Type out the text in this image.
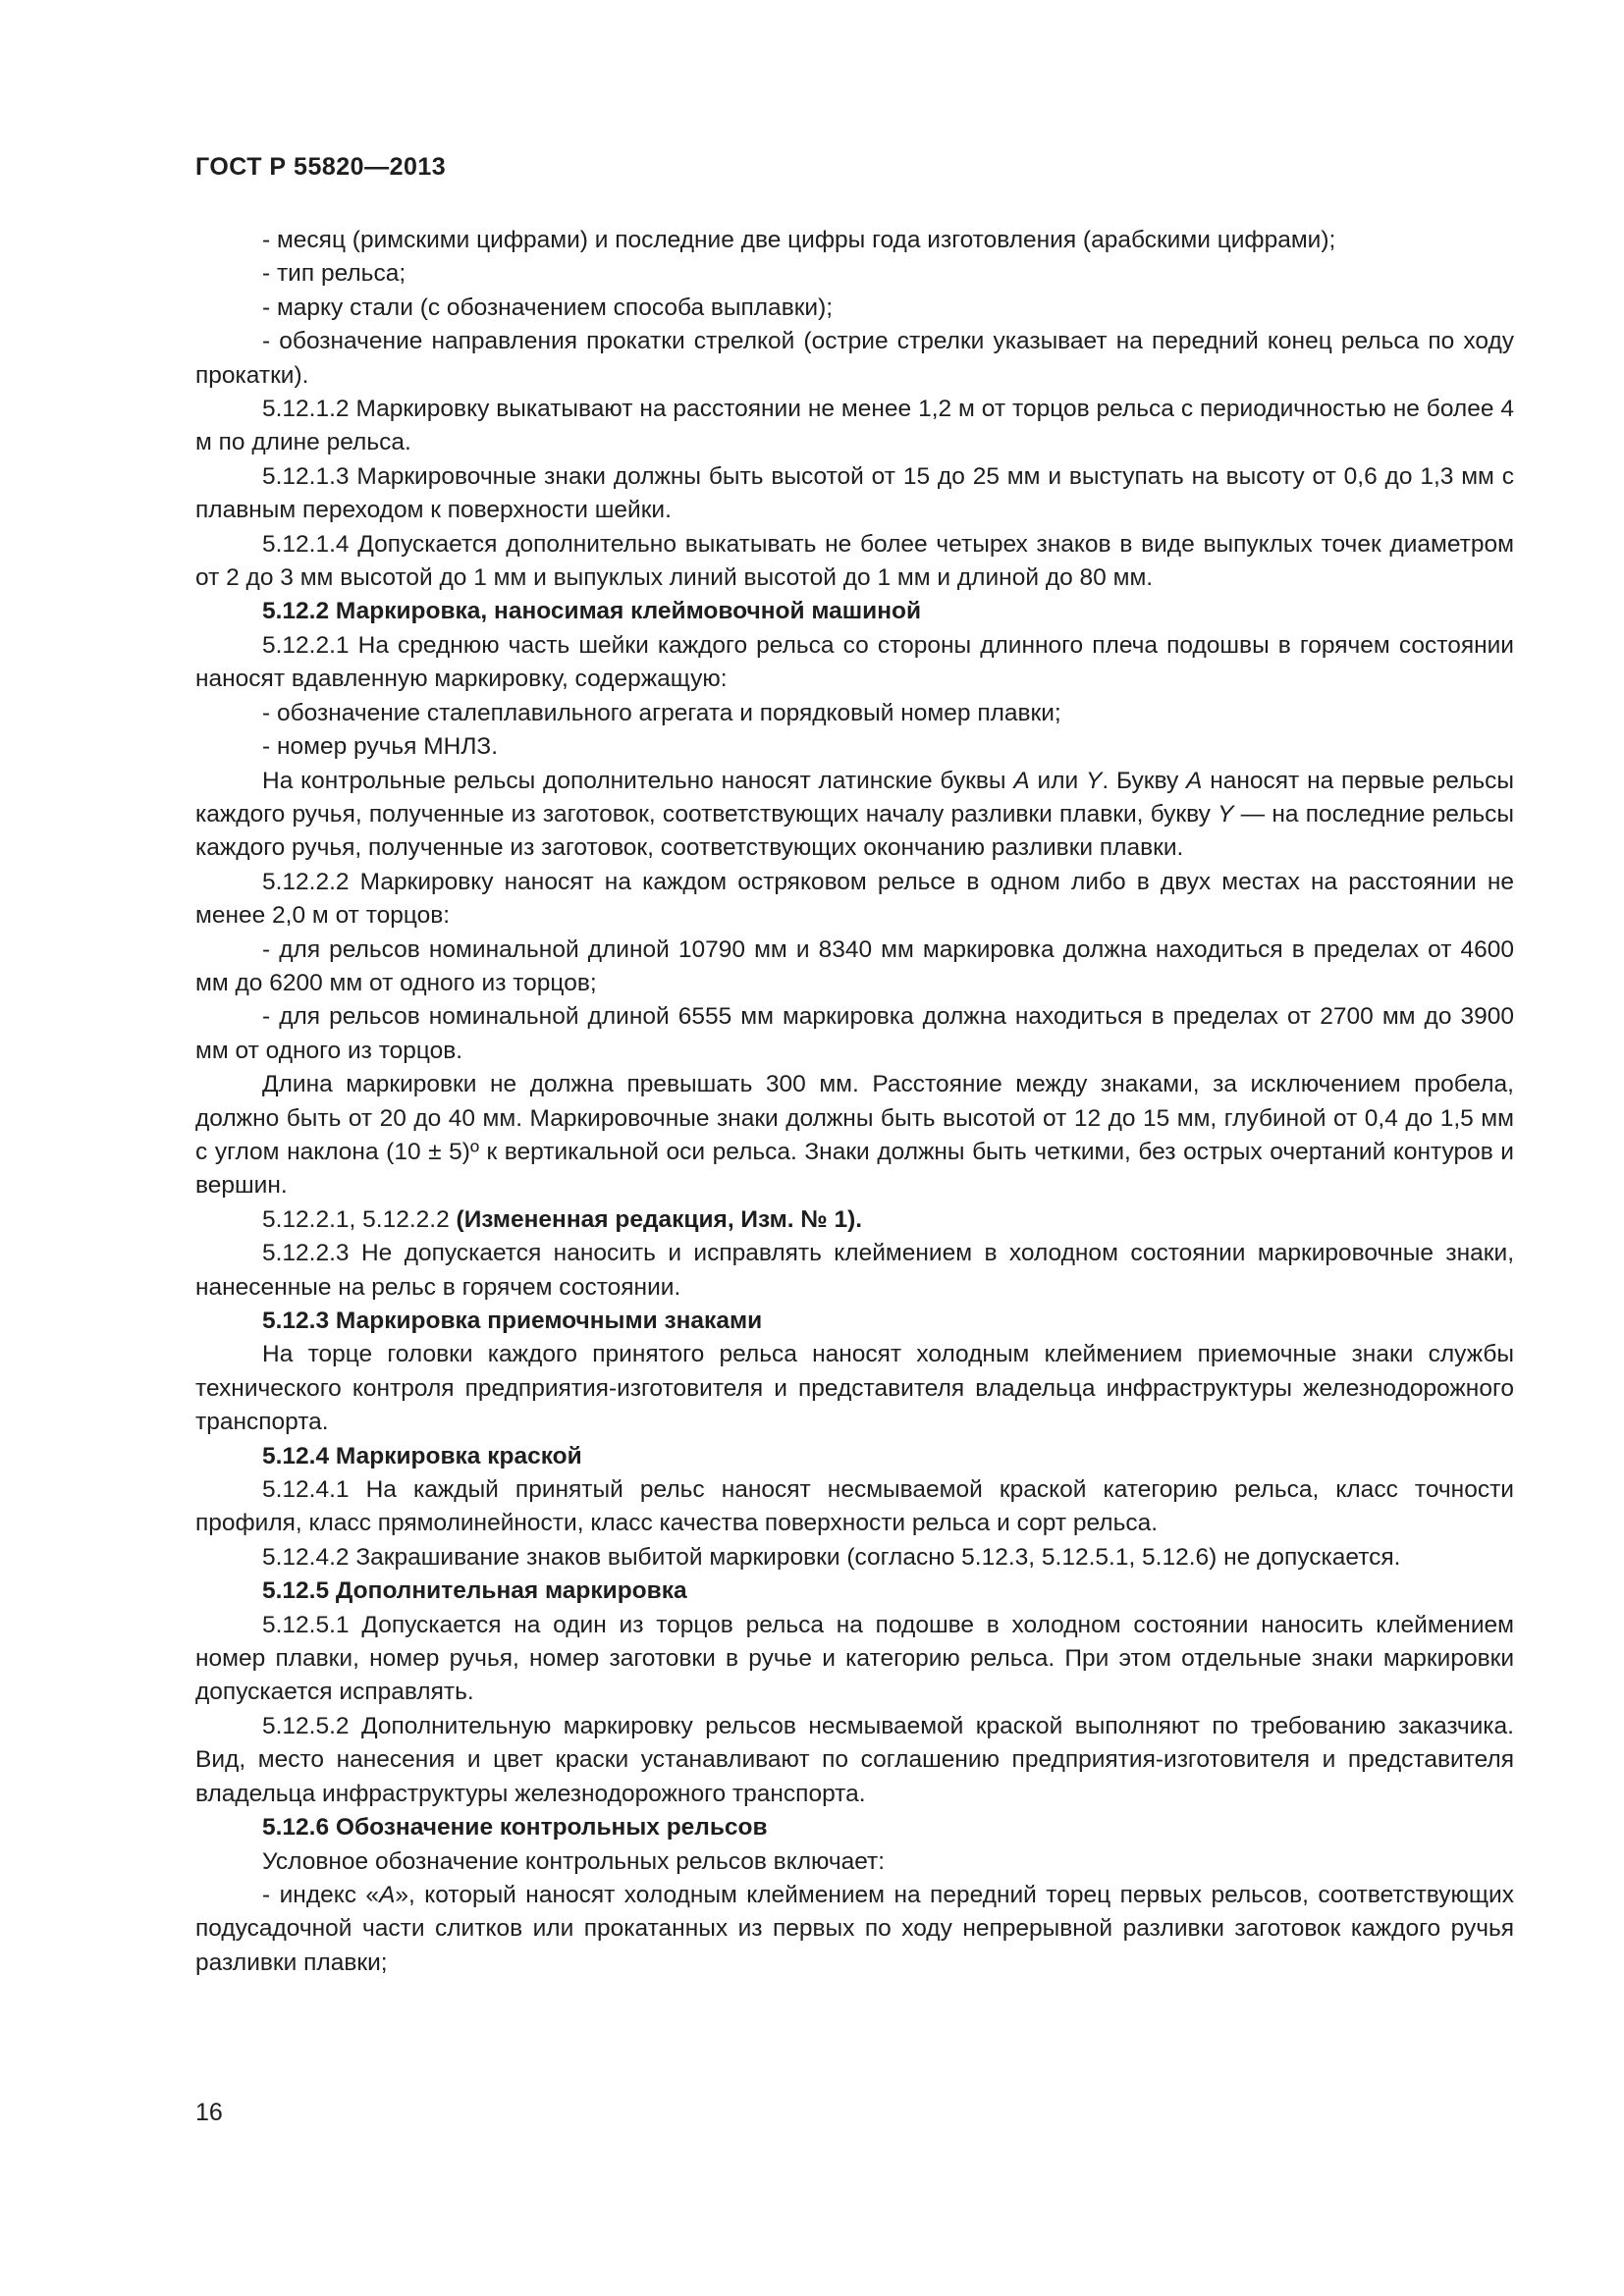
ГОСТ Р 55820—2013

- месяц (римскими цифрами) и последние две цифры года изготовления (арабскими цифрами);

- тип рельса;

- марку стали (с обозначением способа выплавки);

- обозначение направления прокатки стрелкой (острие стрелки указывает на передний конец рельса по ходу прокатки).

5.12.1.2 Маркировку выкатывают на расстоянии не менее 1,2 м от торцов рельса с периодичностью не более 4 м по длине рельса.

5.12.1.3 Маркировочные знаки должны быть высотой от 15 до 25 мм и выступать на высоту от 0,6 до 1,3 мм с плавным переходом к поверхности шейки.

5.12.1.4 Допускается дополнительно выкатывать не более четырех знаков в виде выпуклых точек диаметром от 2 до 3 мм высотой до 1 мм и выпуклых линий высотой до 1 мм и длиной до 80 мм.

5.12.2 Маркировка, наносимая клеймовочной машиной

5.12.2.1 На среднюю часть шейки каждого рельса со стороны длинного плеча подошвы в горячем состоянии наносят вдавленную маркировку, содержащую:

- обозначение сталеплавильного агрегата и порядковый номер плавки;

- номер ручья МНЛЗ.

На контрольные рельсы дополнительно наносят латинские буквы А или Y. Букву А наносят на первые рельсы каждого ручья, полученные из заготовок, соответствующих началу разливки плавки, букву Y — на последние рельсы каждого ручья, полученные из заготовок, соответствующих окончанию разливки плавки.

5.12.2.2 Маркировку наносят на каждом остряковом рельсе в одном либо в двух местах на расстоянии не менее 2,0 м от торцов:

- для рельсов номинальной длиной 10790 мм и 8340 мм маркировка должна находиться в пределах от 4600 мм до 6200 мм от одного из торцов;

- для рельсов номинальной длиной 6555 мм маркировка должна находиться в пределах от 2700 мм до 3900 мм от одного из торцов.

Длина маркировки не должна превышать 300 мм. Расстояние между знаками, за исключением пробела, должно быть от 20 до 40 мм. Маркировочные знаки должны быть высотой от 12 до 15 мм, глубиной от 0,4 до 1,5 мм с углом наклона (10 ± 5)º к вертикальной оси рельса. Знаки должны быть четкими, без острых очертаний контуров и вершин.

5.12.2.1, 5.12.2.2 (Измененная редакция, Изм. № 1).

5.12.2.3 Не допускается наносить и исправлять клеймением в холодном состоянии маркировочные знаки, нанесенные на рельс в горячем состоянии.

5.12.3 Маркировка приемочными знаками

На торце головки каждого принятого рельса наносят холодным клеймением приемочные знаки службы технического контроля предприятия-изготовителя и представителя владельца инфраструктуры железнодорожного транспорта.

5.12.4 Маркировка краской

5.12.4.1 На каждый принятый рельс наносят несмываемой краской категорию рельса, класс точности профиля, класс прямолинейности, класс качества поверхности рельса и сорт рельса.

5.12.4.2 Закрашивание знаков выбитой маркировки (согласно 5.12.3, 5.12.5.1, 5.12.6) не допускается.

5.12.5 Дополнительная маркировка

5.12.5.1 Допускается на один из торцов рельса на подошве в холодном состоянии наносить клеймением номер плавки, номер ручья, номер заготовки в ручье и категорию рельса. При этом отдельные знаки маркировки допускается исправлять.

5.12.5.2 Дополнительную маркировку рельсов несмываемой краской выполняют по требованию заказчика. Вид, место нанесения и цвет краски устанавливают по соглашению предприятия-изготовителя и представителя владельца инфраструктуры железнодорожного транспорта.

5.12.6 Обозначение контрольных рельсов

Условное обозначение контрольных рельсов включает:

- индекс «А», который наносят холодным клеймением на передний торец первых рельсов, соответствующих подусадочной части слитков или прокатанных из первых по ходу непрерывной разливки заготовок каждого ручья разливки плавки;

16
